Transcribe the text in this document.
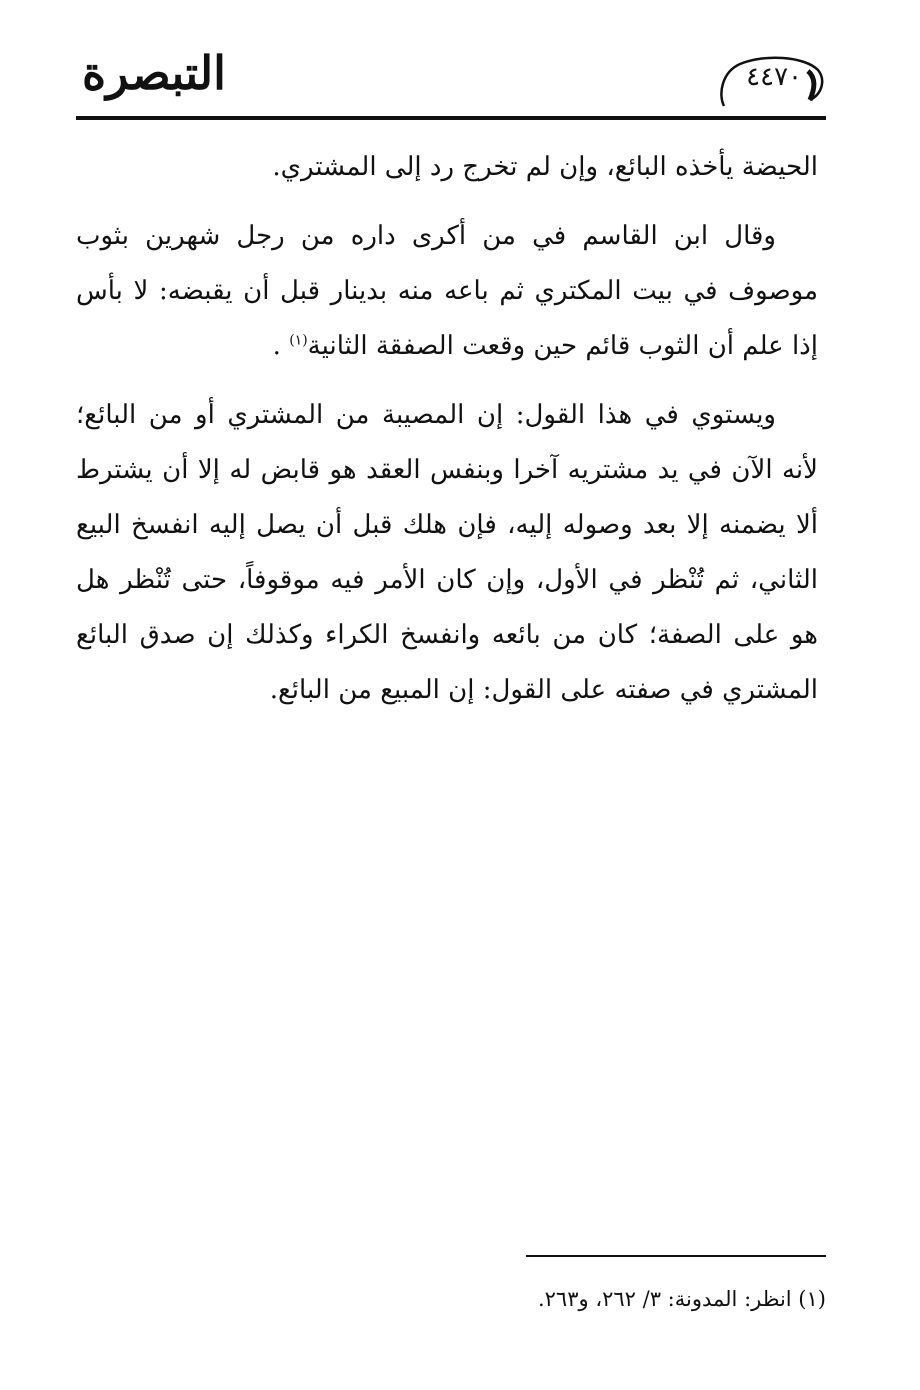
التبصرة	٤٤٧٠

الحيضة يأخذه البائع، وإن لم تخرج رد إلى المشتري.

وقال ابن القاسم في من أكرى داره من رجل شهرين بثوب موصوف في بيت المكتري ثم باعه منه بدينار قبل أن يقبضه: لا بأس إذا علم أن الثوب قائم حين وقعت الصفقة الثانية$^{(١)}$ .

ويستوي في هذا القول: إن المصيبة من المشتري أو من البائع؛ لأنه الآن في يد مشتريه آخرا وبنفس العقد هو قابض له إلا أن يشترط ألا يضمنه إلا بعد وصوله إليه، فإن هلك قبل أن يصل إليه انفسخ البيع الثاني، ثم تُنْظر في الأول، وإن كان الأمر فيه موقوفاً، حتى تُنْظر هل هو على الصفة؛ كان من بائعه وانفسخ الكراء وكذلك إن صدق البائع المشتري في صفته على القول: إن المبيع من البائع.

(١) انظر: المدونة: ٣/ ٢٦٢، و٢٦٣.
